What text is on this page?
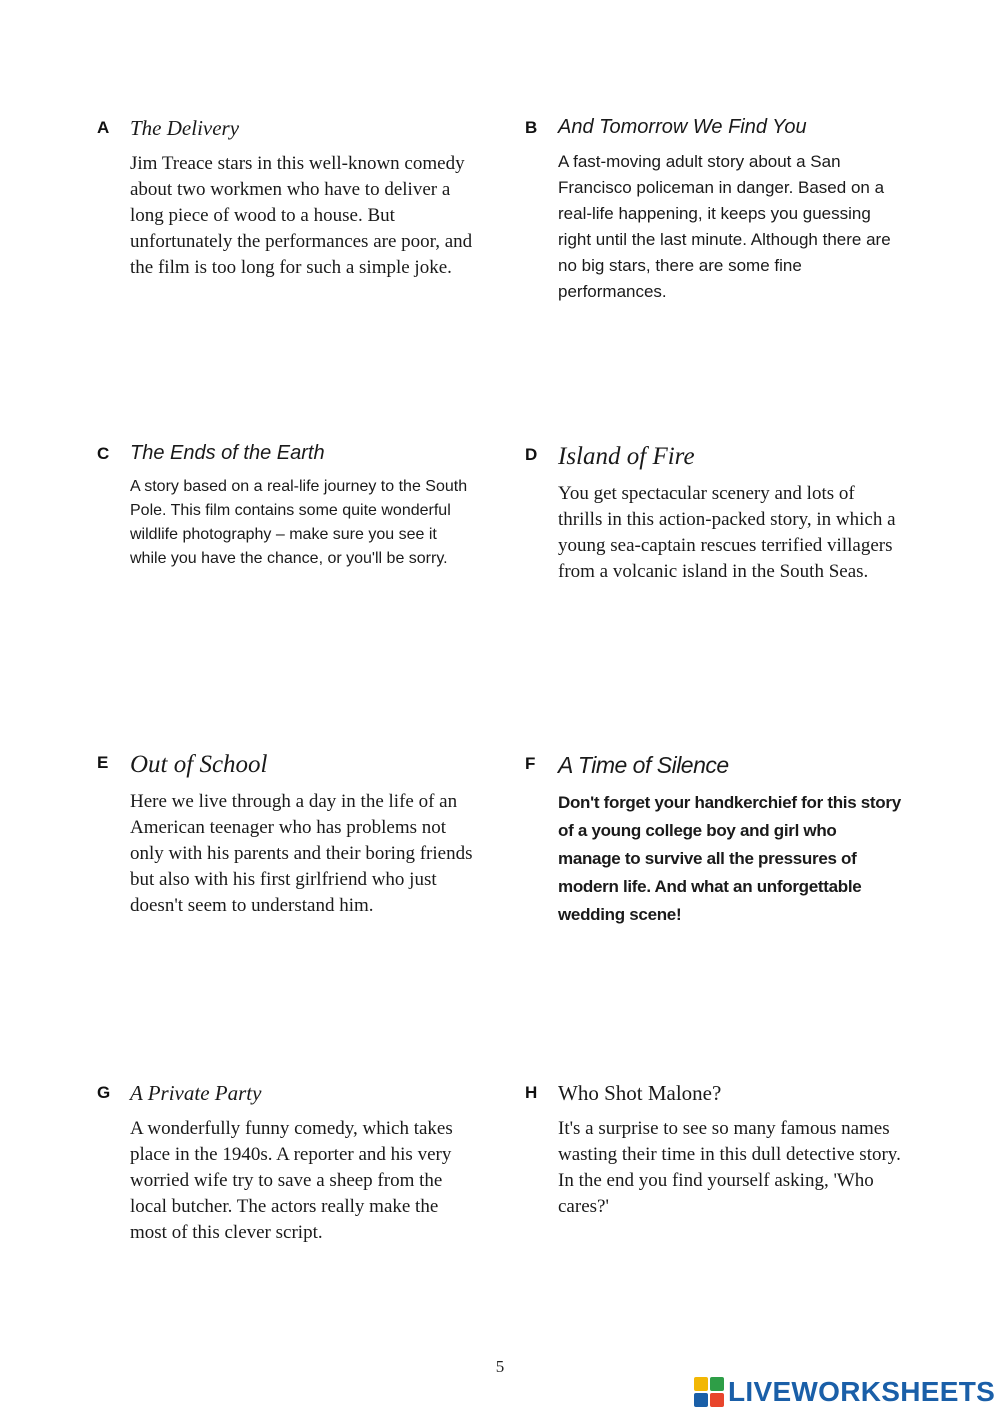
A The Delivery
Jim Treace stars in this well-known comedy about two workmen who have to deliver a long piece of wood to a house. But unfortunately the performances are poor, and the film is too long for such a simple joke.
B And Tomorrow We Find You
A fast-moving adult story about a San Francisco policeman in danger. Based on a real-life happening, it keeps you guessing right until the last minute. Although there are no big stars, there are some fine performances.
C The Ends of the Earth
A story based on a real-life journey to the South Pole. This film contains some quite wonderful wildlife photography – make sure you see it while you have the chance, or you'll be sorry.
D Island of Fire
You get spectacular scenery and lots of thrills in this action-packed story, in which a young sea-captain rescues terrified villagers from a volcanic island in the South Seas.
E Out of School
Here we live through a day in the life of an American teenager who has problems not only with his parents and their boring friends but also with his first girlfriend who just doesn't seem to understand him.
F A Time of Silence
Don't forget your handkerchief for this story of a young college boy and girl who manage to survive all the pressures of modern life. And what an unforgettable wedding scene!
G A Private Party
A wonderfully funny comedy, which takes place in the 1940s. A reporter and his very worried wife try to save a sheep from the local butcher. The actors really make the most of this clever script.
H Who Shot Malone?
It's a surprise to see so many famous names wasting their time in this dull detective story. In the end you find yourself asking, 'Who cares?'
5
LIVEWORKSHEETS
